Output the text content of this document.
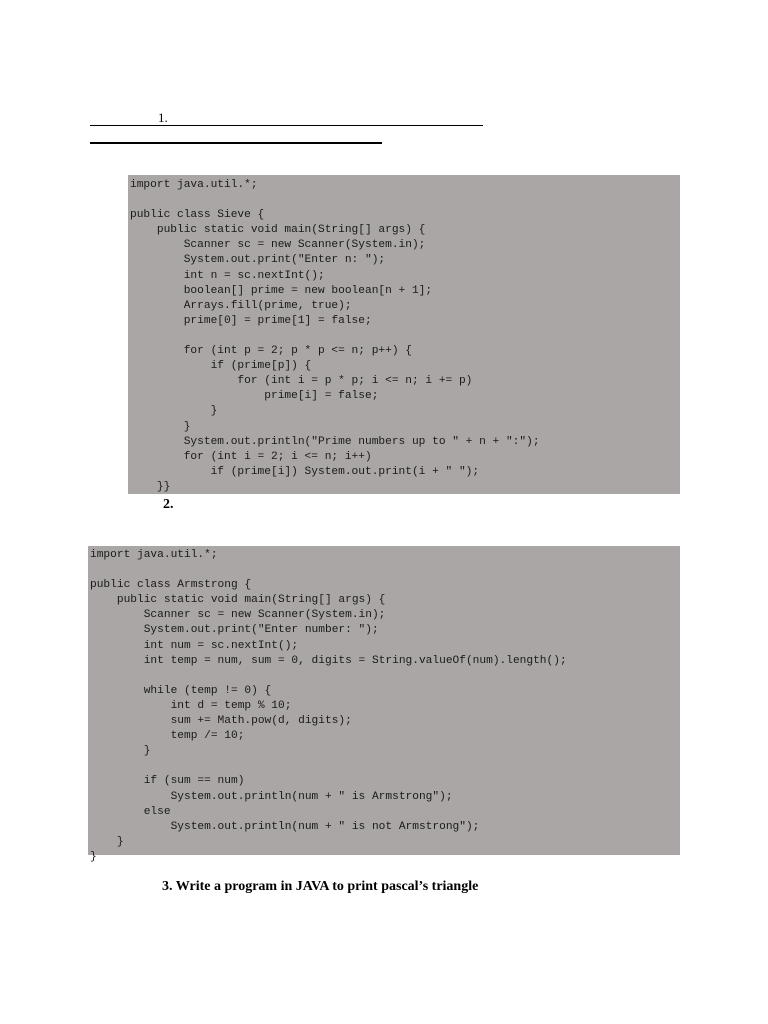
1.
import java.util.*;

public class Sieve {
public static void main(String[] args) {
Scanner sc = new Scanner(System.in);
System.out.print("Enter n: ");
int n = sc.nextInt();
boolean[] prime = new boolean[n + 1];
Arrays.fill(prime, true);
prime[0] = prime[1] = false;

for (int p = 2; p * p <= n; p++) {
if (prime[p]) {
for (int i = p * p; i <= n; i += p)
prime[i] = false;
}
}
System.out.println("Prime numbers up to " + n + ":");
for (int i = 2; i <= n; i++)
if (prime[i]) System.out.print(i + " ");
}}
2.
import java.util.*;

public class Armstrong {
public static void main(String[] args) {
Scanner sc = new Scanner(System.in);
System.out.print("Enter number: ");
int num = sc.nextInt();
int temp = num, sum = 0, digits = String.valueOf(num).length();

while (temp != 0) {
int d = temp % 10;
sum += Math.pow(d, digits);
temp /= 10;
}

if (sum == num)
System.out.println(num + " is Armstrong");
else
System.out.println(num + " is not Armstrong");
}
}
3. Write a program in JAVA to print pascal’s triangle
